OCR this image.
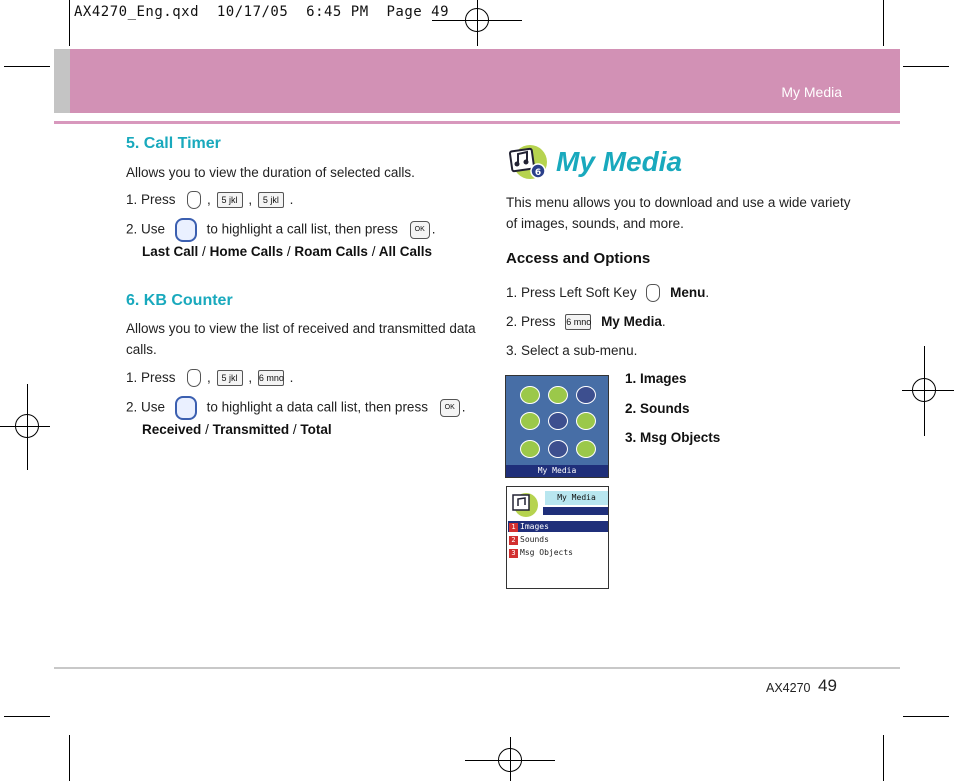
AX4270_Eng.qxd  10/17/05  6:45 PM  Page 49
My Media
5. Call Timer
Allows you to view the duration of selected calls.
1. Press  , 5 jkl , 5 jkl .
2. Use	to highlight a call list, then press OK .
Last Call / Home Calls / Roam Calls / All Calls
6. KB Counter
Allows you to view the list of received and transmitted data
calls.
1. Press  , 5 jkl , 6 mno .
2. Use	to highlight a data call list, then press OK .
Received / Transmitted / Total
6 My Media
This menu allows you to download and use a wide variety
of images, sounds, and more.
Access and Options
1. Press Left Soft Key Menu.
2. Press 6 mno My Media.
3. Select a sub-menu.
My Media
My Media
1 Images
2 Sounds
3 Msg Objects
1. Images
2. Sounds
3. Msg Objects
AX4270 49
